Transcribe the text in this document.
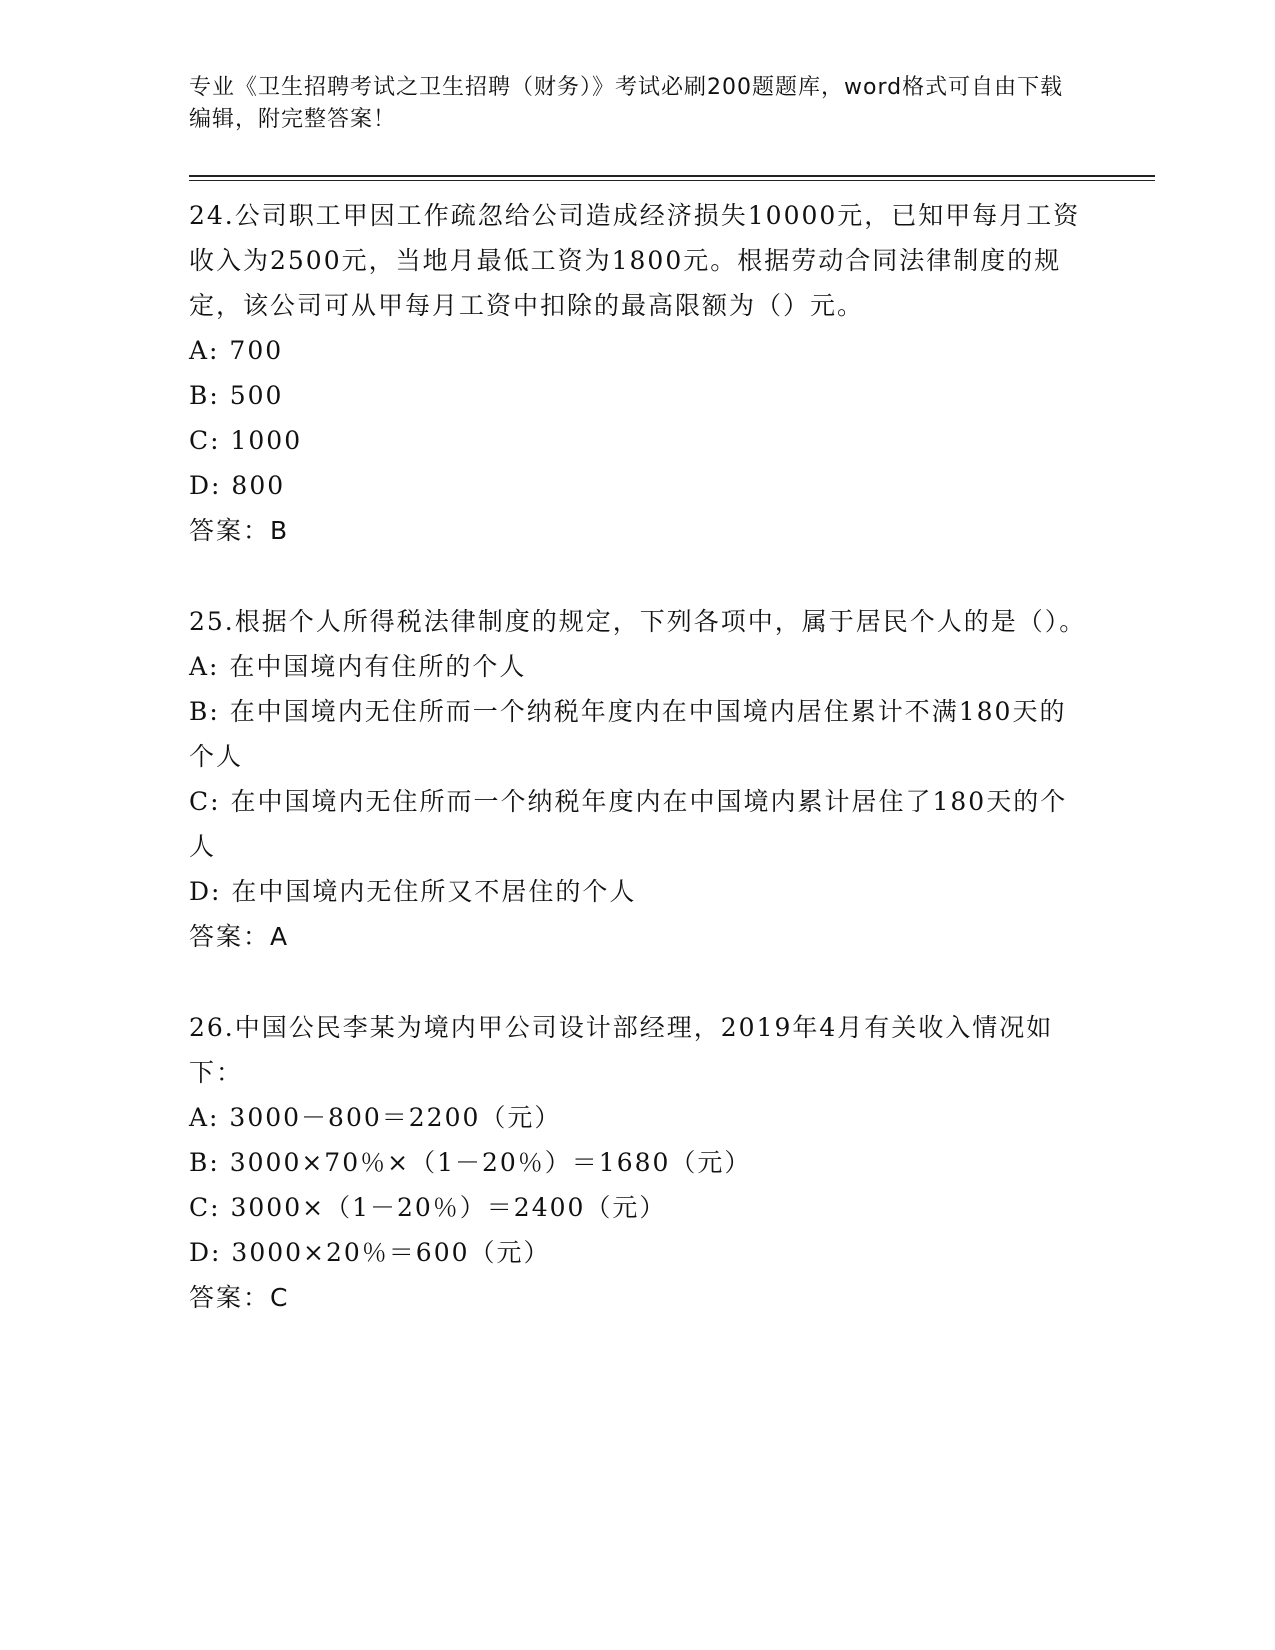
专业《卫生招聘考试之卫生招聘（财务）》考试必刷200题题库，word格式可自由下载编辑，附完整答案！
24.公司职工甲因工作疏忽给公司造成经济损失10000元，已知甲每月工资收入为2500元，当地月最低工资为1800元。根据劳动合同法律制度的规定，该公司可从甲每月工资中扣除的最高限额为（）元。
A: 700
B: 500
C: 1000
D: 800
答案：B
25.根据个人所得税法律制度的规定，下列各项中，属于居民个人的是（）。
A: 在中国境内有住所的个人
B: 在中国境内无住所而一个纳税年度内在中国境内居住累计不满180天的个人
C: 在中国境内无住所而一个纳税年度内在中国境内累计居住了180天的个人
D: 在中国境内无住所又不居住的个人
答案：A
26.中国公民李某为境内甲公司设计部经理，2019年4月有关收入情况如下：
A: 3000－800＝2200（元）
B: 3000×70％×（1－20％）＝1680（元）
C: 3000×（1－20％）＝2400（元）
D: 3000×20％＝600（元）
答案：C
